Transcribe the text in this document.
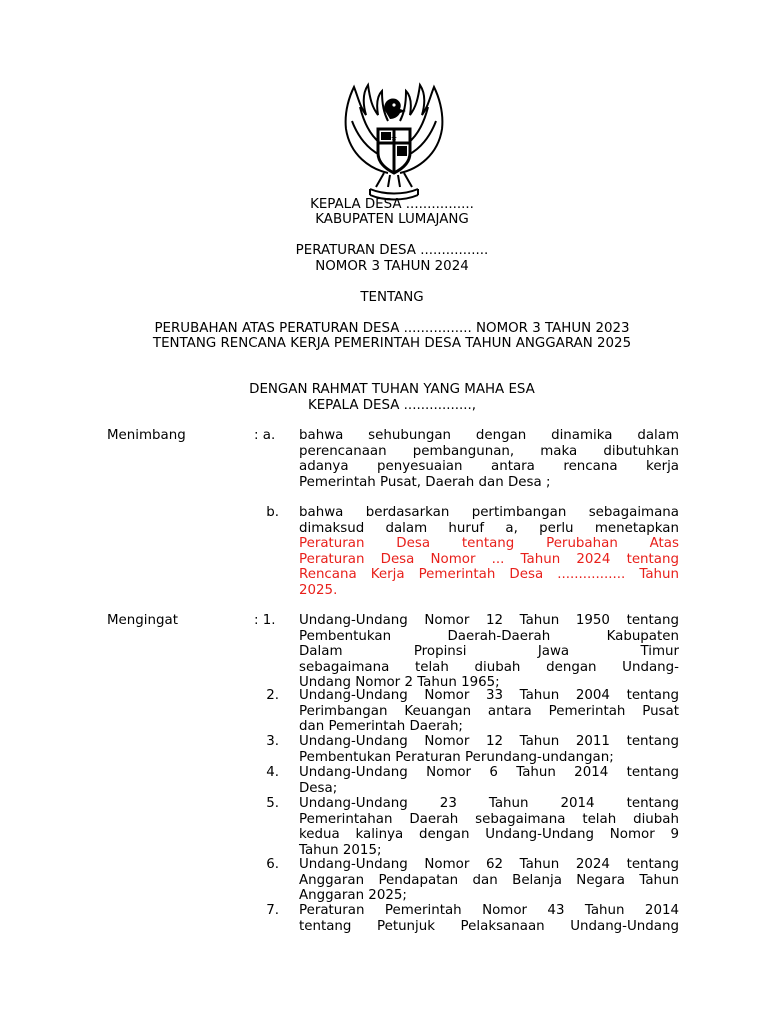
KEPALA DESA ................
KABUPATEN LUMAJANG
PERATURAN DESA ................
NOMOR 3 TAHUN 2024
TENTANG
PERUBAHAN ATAS PERATURAN DESA ................ NOMOR 3 TAHUN 2023
TENTANG RENCANA KERJA PEMERINTAH DESA TAHUN ANGGARAN 2025
DENGAN RAHMAT TUHAN YANG MAHA ESA
KEPALA DESA ................,
Menimbang	: a. bahwa sehubungan dengan dinamika dalam
perencanaan pembangunan, maka dibutuhkan
adanya penyesuaian antara rencana kerja
Pemerintah Pusat, Daerah dan Desa ;
b. bahwa berdasarkan pertimbangan sebagaimana
dimaksud dalam huruf a, perlu menetapkan
Peraturan Desa tentang Perubahan Atas
Peraturan Desa Nomor ... Tahun 2024 tentang
Rencana Kerja Pemerintah Desa ................ Tahun
2025.
Mengingat	: 1. Undang-Undang Nomor 12 Tahun 1950 tentang
Pembentukan Daerah-Daerah Kabupaten
Dalam Propinsi Jawa Timur
sebagaimana telah diubah dengan Undang-
Undang Nomor 2 Tahun 1965;
2. Undang-Undang Nomor 33 Tahun 2004 tentang
Perimbangan Keuangan antara Pemerintah Pusat
dan Pemerintah Daerah;
3. Undang-Undang Nomor 12 Tahun 2011 tentang
Pembentukan Peraturan Perundang-undangan;
4. Undang-Undang Nomor 6 Tahun 2014 tentang
Desa;
5. Undang-Undang 23 Tahun 2014 tentang
Pemerintahan Daerah sebagaimana telah diubah
kedua kalinya dengan Undang-Undang Nomor 9
Tahun 2015;
6. Undang-Undang Nomor 62 Tahun 2024 tentang
Anggaran Pendapatan dan Belanja Negara Tahun
Anggaran 2025;
7. Peraturan Pemerintah Nomor 43 Tahun 2014
tentang Petunjuk Pelaksanaan Undang-Undang
